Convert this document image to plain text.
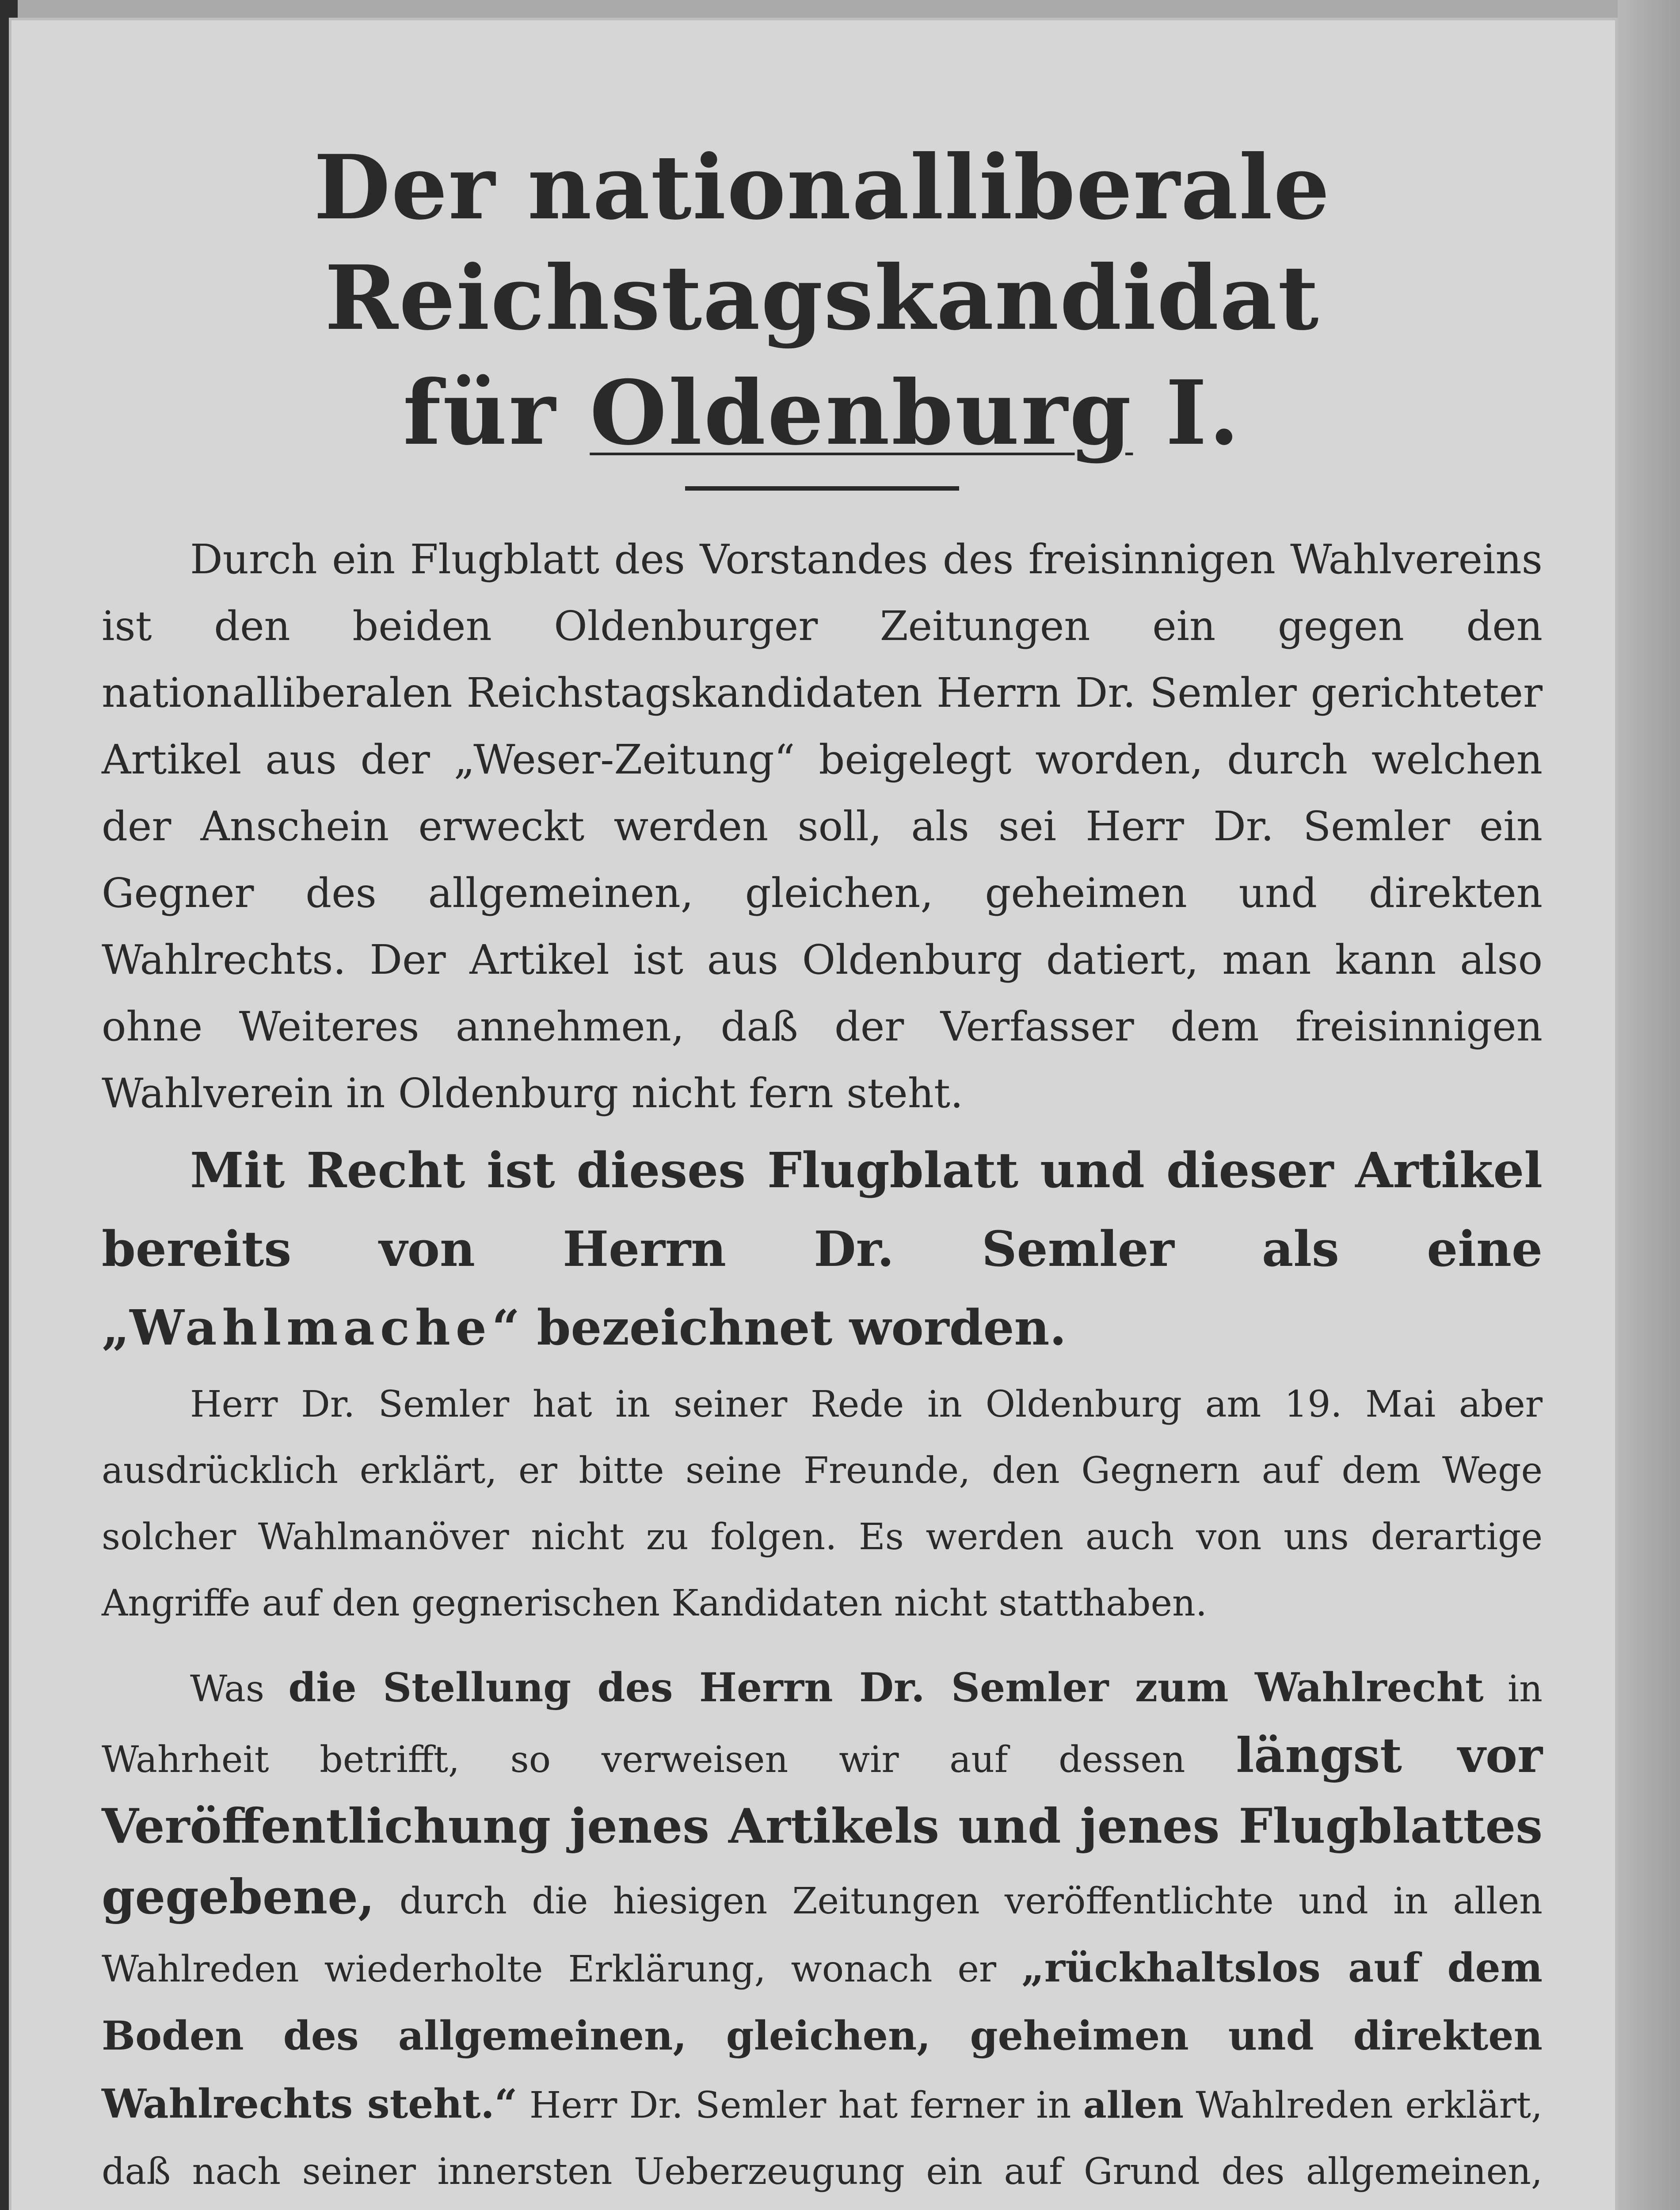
Der nationalliberale Reichstagskandidat
für Oldenburg I.

Durch ein Flugblatt des Vorstandes des freisinnigen Wahlvereins ist den beiden Oldenburger Zeitungen ein gegen den nationalliberalen Reichstagskandidaten Herrn Dr. Semler gerichteter Artikel aus der „Weser-Zeitung“ beigelegt worden, durch welchen der Anschein erweckt werden soll, als sei Herr Dr. Semler ein Gegner des allgemeinen, gleichen, geheimen und direkten Wahlrechts. Der Artikel ist aus Oldenburg datiert, man kann also ohne Weiteres annehmen, daß der Verfasser dem freisinnigen Wahlverein in Oldenburg nicht fern steht.

Mit Recht ist dieses Flugblatt und dieser Artikel bereits von Herrn Dr. Semler als eine „Wahlmache“ bezeichnet worden.

Herr Dr. Semler hat in seiner Rede in Oldenburg am 19. Mai aber ausdrücklich erklärt, er bitte seine Freunde, den Gegnern auf dem Wege solcher Wahlmanöver nicht zu folgen. Es werden auch von uns derartige Angriffe auf den gegnerischen Kandidaten nicht statthaben.

Was die Stellung des Herrn Dr. Semler zum Wahlrecht in Wahrheit betrifft, so verweisen wir auf dessen längst vor Veröffentlichung jenes Artikels und jenes Flugblattes gegebene, durch die hiesigen Zeitungen veröffentlichte und in allen Wahlreden wiederholte Erklärung, wonach er „rückhaltslos auf dem Boden des allgemeinen, gleichen, geheimen und direkten Wahlrechts steht.“ Herr Dr. Semler hat ferner in allen Wahlreden erklärt, daß nach seiner innersten Ueberzeugung ein auf Grund des allgemeinen,
